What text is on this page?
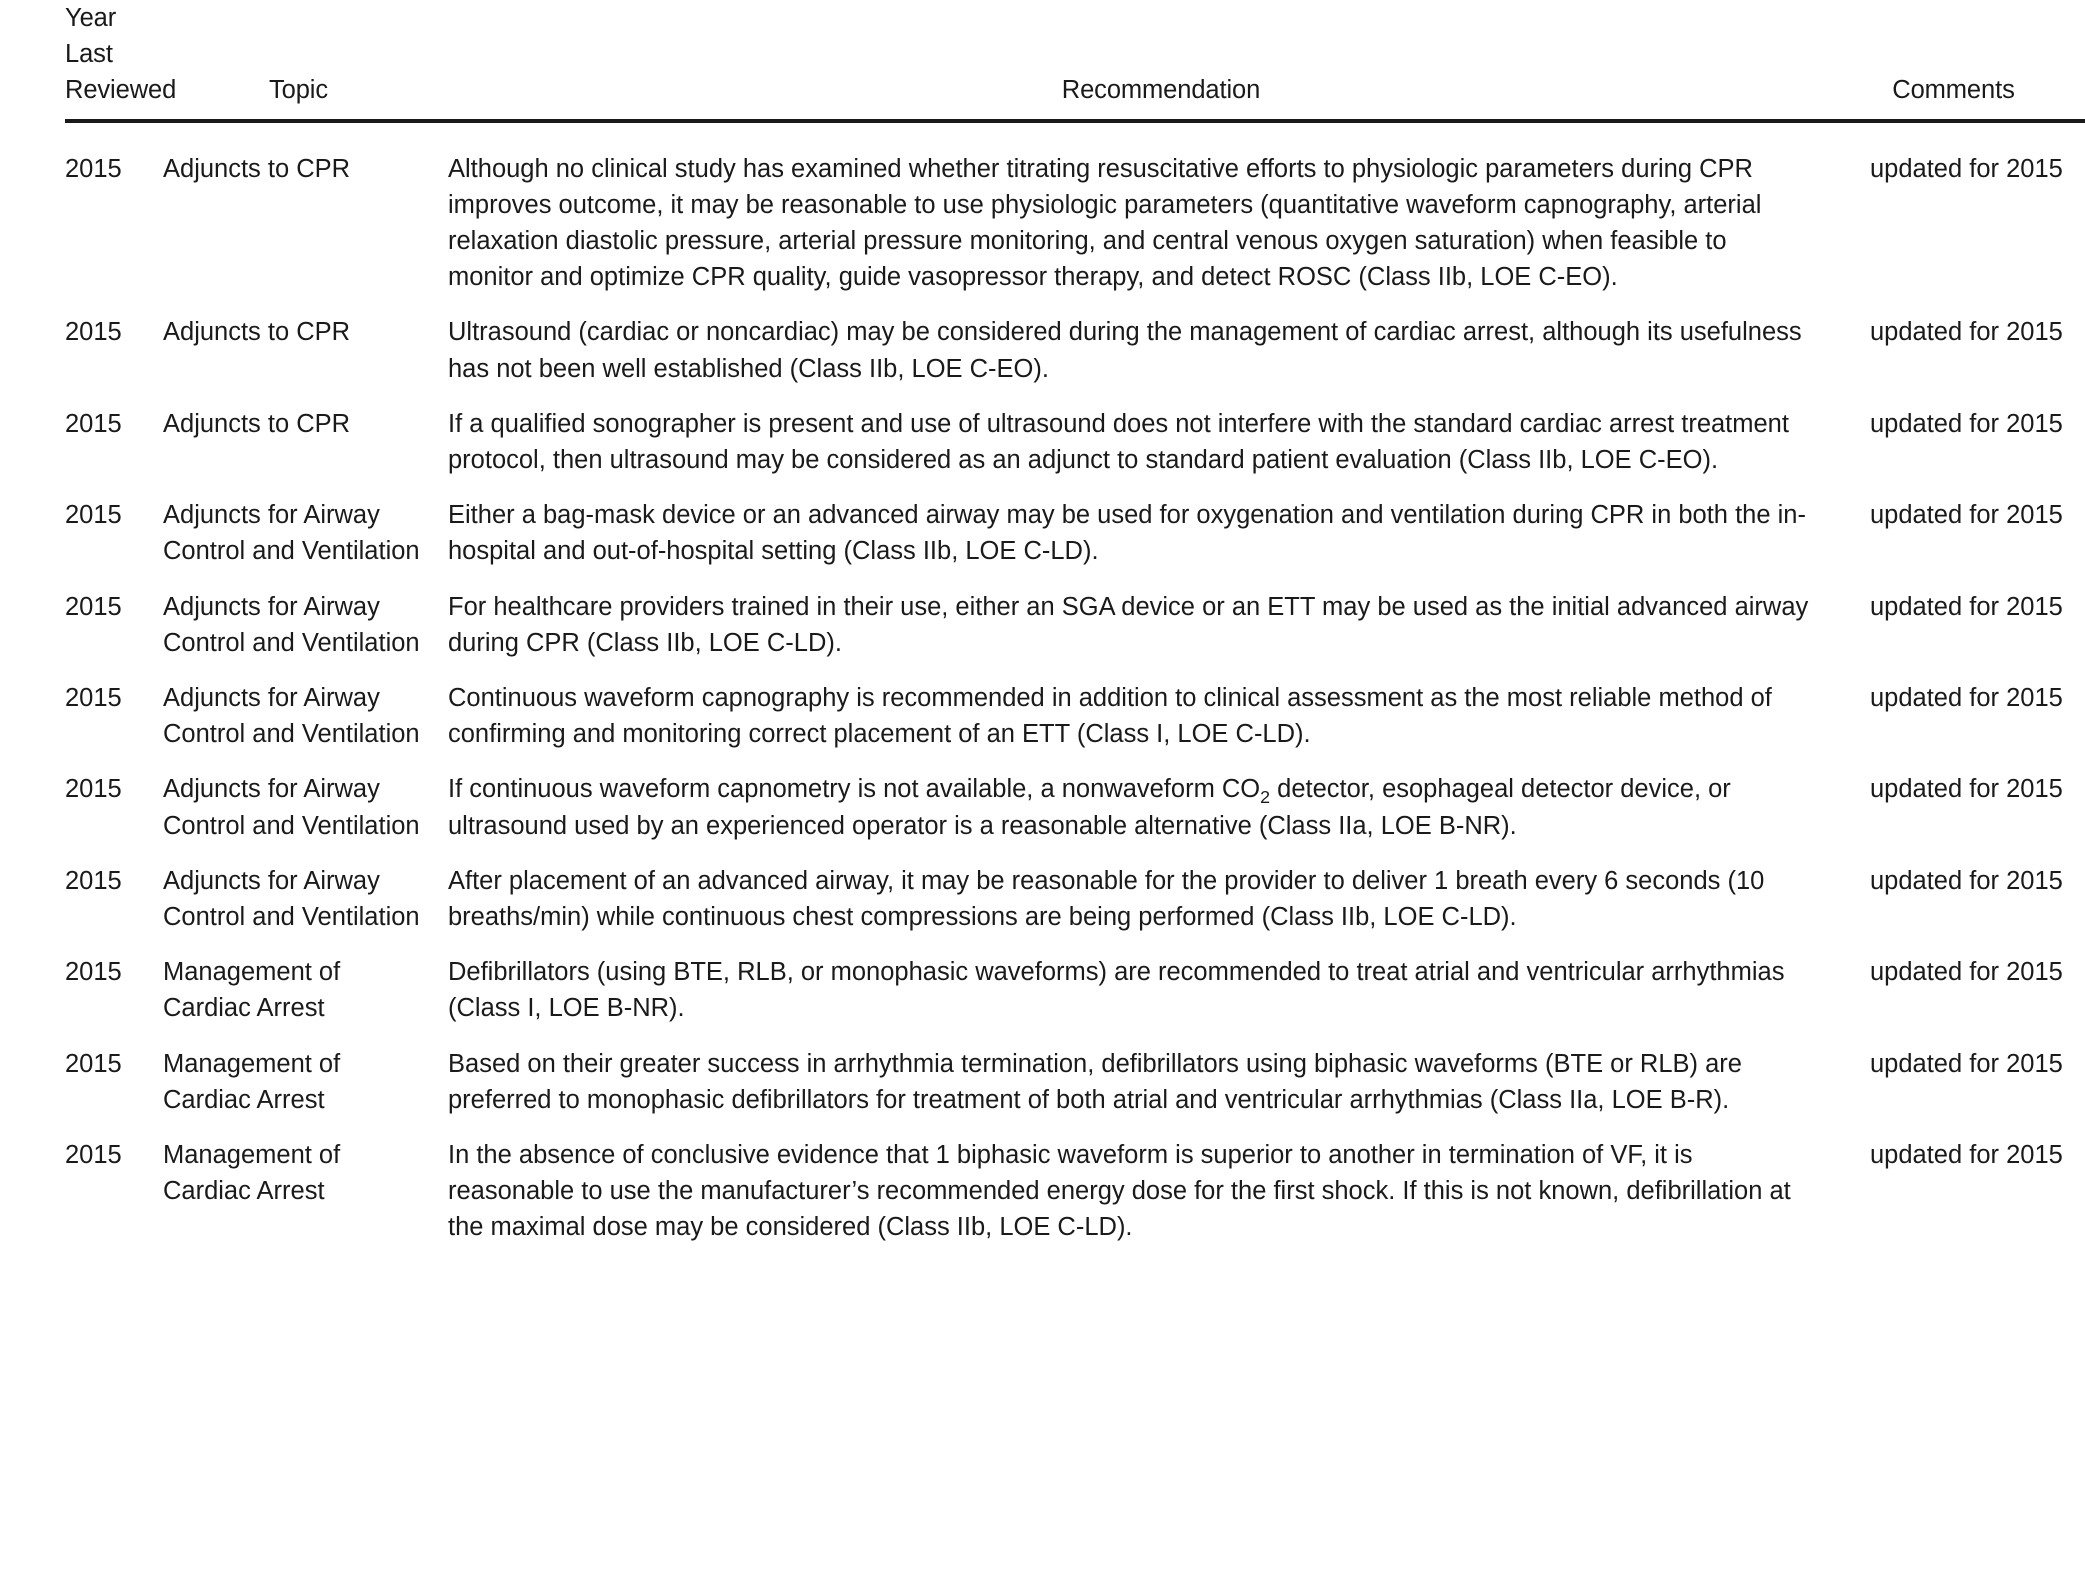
Year Last
Reviewed	Topic	Recommendation	Comments

2015	Adjuncts to CPR	Although no clinical study has examined whether titrating resuscitative efforts to physiologic parameters during CPR improves outcome, it may be reasonable to use physiologic parameters (quantitative waveform capnography, arterial relaxation diastolic pressure, arterial pressure monitoring, and central venous oxygen saturation) when feasible to monitor and optimize CPR quality, guide vasopressor therapy, and detect ROSC (Class IIb, LOE C-EO).	updated for 2015
2015	Adjuncts to CPR	Ultrasound (cardiac or noncardiac) may be considered during the management of cardiac arrest, although its usefulness has not been well established (Class IIb, LOE C-EO).	updated for 2015
2015	Adjuncts to CPR	If a qualified sonographer is present and use of ultrasound does not interfere with the standard cardiac arrest treatment protocol, then ultrasound may be considered as an adjunct to standard patient evaluation (Class IIb, LOE C-EO).	updated for 2015
2015	Adjuncts for Airway Control and Ventilation	Either a bag-mask device or an advanced airway may be used for oxygenation and ventilation during CPR in both the in-hospital and out-of-hospital setting (Class IIb, LOE C-LD).	updated for 2015
2015	Adjuncts for Airway Control and Ventilation	For healthcare providers trained in their use, either an SGA device or an ETT may be used as the initial advanced airway during CPR (Class IIb, LOE C-LD).	updated for 2015
2015	Adjuncts for Airway Control and Ventilation	Continuous waveform capnography is recommended in addition to clinical assessment as the most reliable method of confirming and monitoring correct placement of an ETT (Class I, LOE C-LD).	updated for 2015
2015	Adjuncts for Airway Control and Ventilation	If continuous waveform capnometry is not available, a nonwaveform $CO_2$ detector, esophageal detector device, or ultrasound used by an experienced operator is a reasonable alternative (Class IIa, LOE B-NR).	updated for 2015
2015	Adjuncts for Airway Control and Ventilation	After placement of an advanced airway, it may be reasonable for the provider to deliver 1 breath every 6 seconds (10 breaths/min) while continuous chest compressions are being performed (Class IIb, LOE C-LD).	updated for 2015
2015	Management of Cardiac Arrest	Defibrillators (using BTE, RLB, or monophasic waveforms) are recommended to treat atrial and ventricular arrhythmias (Class I, LOE B-NR).	updated for 2015
2015	Management of Cardiac Arrest	Based on their greater success in arrhythmia termination, defibrillators using biphasic waveforms (BTE or RLB) are preferred to monophasic defibrillators for treatment of both atrial and ventricular arrhythmias (Class IIa, LOE B-R).	updated for 2015
2015	Management of Cardiac Arrest	In the absence of conclusive evidence that 1 biphasic waveform is superior to another in termination of VF, it is reasonable to use the manufacturer’s recommended energy dose for the first shock. If this is not known, defibrillation at the maximal dose may be considered (Class IIb, LOE C-LD).	updated for 2015
